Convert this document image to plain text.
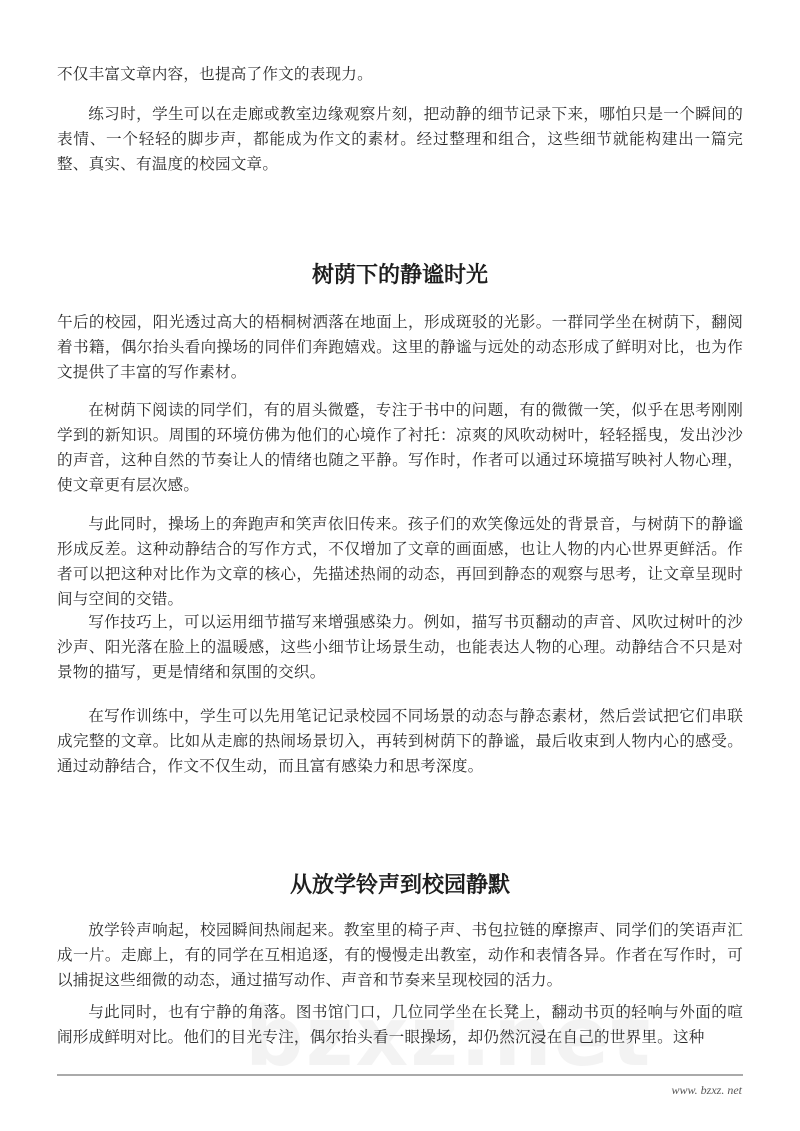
不仅丰富文章内容，也提高了作文的表现力。

练习时，学生可以在走廊或教室边缘观察片刻，把动静的细节记录下来，哪怕只是一个瞬间的表情、一个轻轻的脚步声，都能成为作文的素材。经过整理和组合，这些细节就能构建出一篇完整、真实、有温度的校园文章。

树荫下的静谧时光

午后的校园，阳光透过高大的梧桐树洒落在地面上，形成斑驳的光影。一群同学坐在树荫下，翻阅着书籍，偶尔抬头看向操场的同伴们奔跑嬉戏。这里的静谧与远处的动态形成了鲜明对比，也为作文提供了丰富的写作素材。

在树荫下阅读的同学们，有的眉头微蹙，专注于书中的问题，有的微微一笑，似乎在思考刚刚学到的新知识。周围的环境仿佛为他们的心境作了衬托：凉爽的风吹动树叶，轻轻摇曳，发出沙沙的声音，这种自然的节奏让人的情绪也随之平静。写作时，作者可以通过环境描写映衬人物心理，使文章更有层次感。

与此同时，操场上的奔跑声和笑声依旧传来。孩子们的欢笑像远处的背景音，与树荫下的静谧形成反差。这种动静结合的写作方式，不仅增加了文章的画面感，也让人物的内心世界更鲜活。作者可以把这种对比作为文章的核心，先描述热闹的动态，再回到静态的观察与思考，让文章呈现时间与空间的交错。

写作技巧上，可以运用细节描写来增强感染力。例如，描写书页翻动的声音、风吹过树叶的沙沙声、阳光落在脸上的温暖感，这些小细节让场景生动，也能表达人物的心理。动静结合不只是对景物的描写，更是情绪和氛围的交织。

在写作训练中，学生可以先用笔记记录校园不同场景的动态与静态素材，然后尝试把它们串联成完整的文章。比如从走廊的热闹场景切入，再转到树荫下的静谧，最后收束到人物内心的感受。通过动静结合，作文不仅生动，而且富有感染力和思考深度。

从放学铃声到校园静默

放学铃声响起，校园瞬间热闹起来。教室里的椅子声、书包拉链的摩擦声、同学们的笑语声汇成一片。走廊上，有的同学在互相追逐，有的慢慢走出教室，动作和表情各异。作者在写作时，可以捕捉这些细微的动态，通过描写动作、声音和节奏来呈现校园的活力。

与此同时，也有宁静的角落。图书馆门口，几位同学坐在长凳上，翻动书页的轻响与外面的喧闹形成鲜明对比。他们的目光专注，偶尔抬头看一眼操场，却仍然沉浸在自己的世界里。这种

www. bzxz. net
